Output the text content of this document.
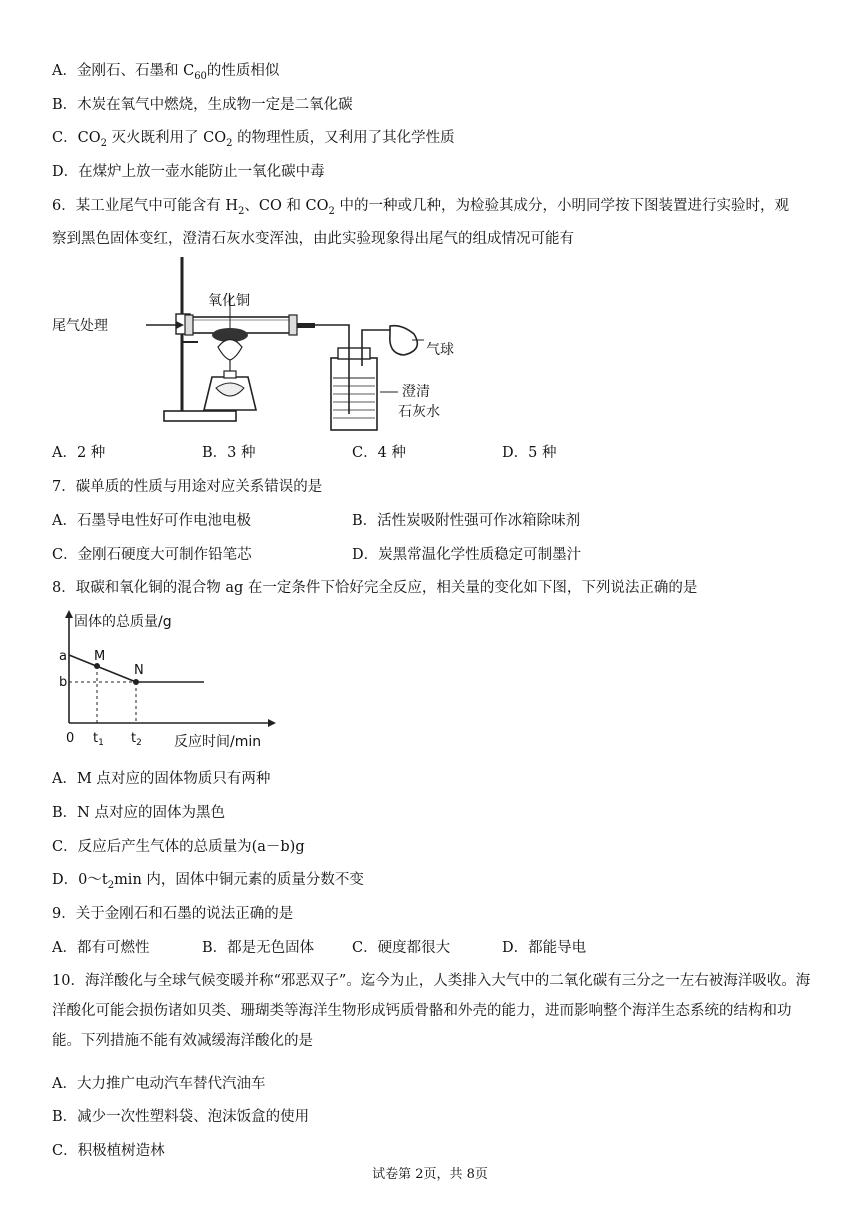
A．金刚石、石墨和 $C_{60}$的性质相似
B．木炭在氧气中燃烧，生成物一定是二氧化碳
C．$CO_2$ 灭火既利用了 $CO_2$ 的物理性质，又利用了其化学性质
D．在煤炉上放一壶水能防止一氧化碳中毒
6．某工业尾气中可能含有 $H_2$、CO 和 $CO_2$ 中的一种或几种，为检验其成分，小明同学按下图装置进行实验时，观
察到黑色固体变红，澄清石灰水变浑浊，由此实验现象得出尾气的组成情况可能有
尾气处理
氧化铜
气球
澄清
石灰水
A．2 种	B．3 种	C．4 种	D．5 种
7．碳单质的性质与用途对应关系错误的是
A．石墨导电性好可作电池电极	B．活性炭吸附性强可作冰箱除味剂
C．金刚石硬度大可制作铅笔芯	D．炭黑常温化学性质稳定可制墨汁
8．取碳和氧化铜的混合物 ag 在一定条件下恰好完全反应，相关量的变化如下图，下列说法正确的是
固体的总质量/g
反应时间/min
0
a
b
M
N
$t_1$ $t_2$
A．M 点对应的固体物质只有两种
B．N 点对应的固体为黑色
C．反应后产生气体的总质量为(a－b)g
D．$0\sim t_2\min$ 内，固体中铜元素的质量分数不变
9．关于金刚石和石墨的说法正确的是
A．都有可燃性	B．都是无色固体	C．硬度都很大	D．都能导电
10．海洋酸化与全球气候变暖并称“邪恶双子”。迄今为止，人类排入大气中的二氧化碳有三分之一左右被海洋吸收。海洋酸化可能会损伤诸如贝类、珊瑚类等海洋生物形成钙质骨骼和外壳的能力，进而影响整个海洋生态系统的结构和功能。下列措施不能有效减缓海洋酸化的是
A．大力推广电动汽车替代汽油车
B．减少一次性塑料袋、泡沫饭盒的使用
C．积极植树造林
试卷第 2页，共 8页
